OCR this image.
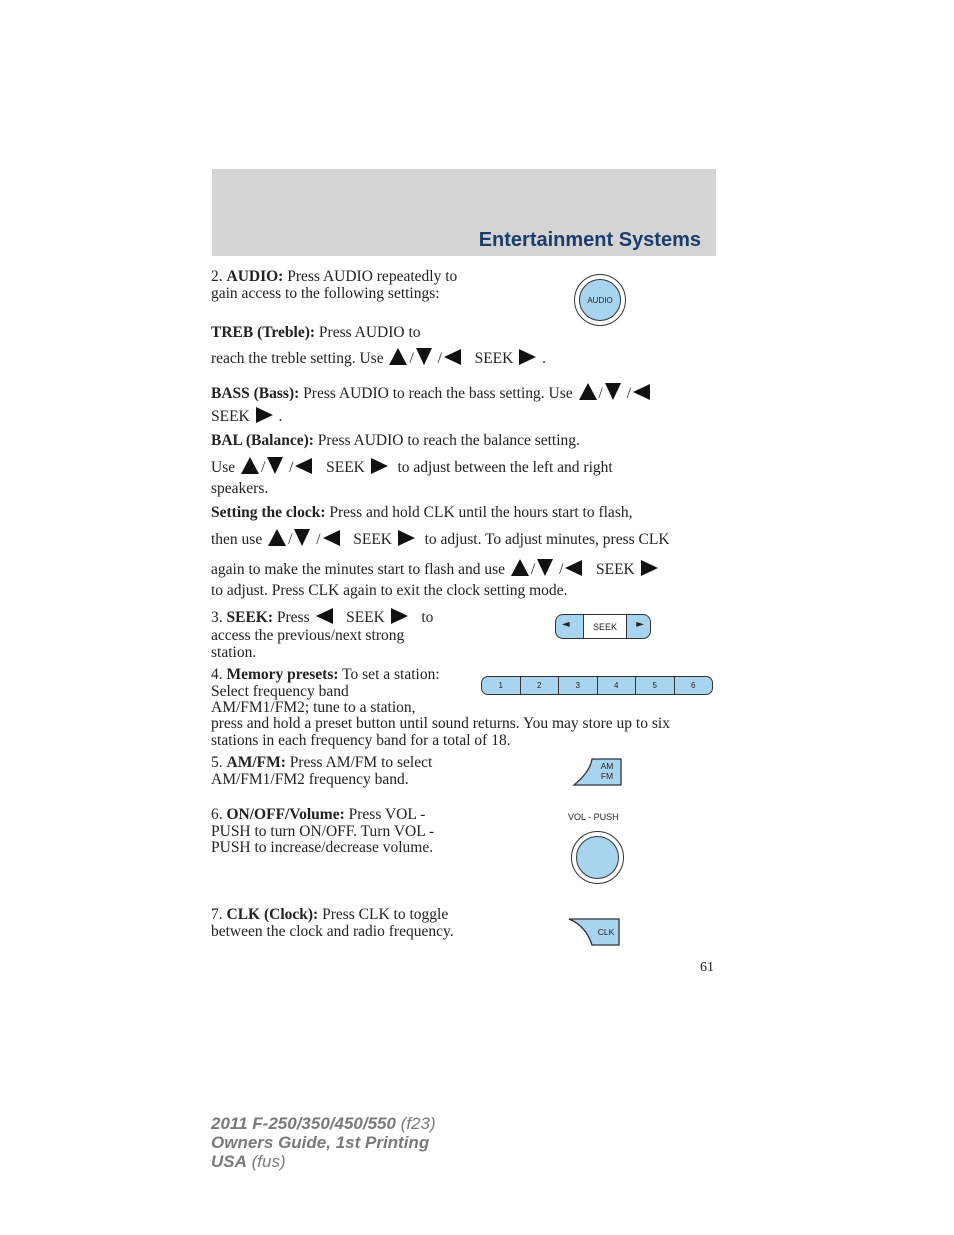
Entertainment Systems
2. AUDIO: Press AUDIO repeatedly to gain access to the following settings:
TREB (Treble): Press AUDIO to
reach the treble setting. Use / / SEEK .
BASS (Bass): Press AUDIO to reach the bass setting. Use / /
SEEK .
BAL (Balance): Press AUDIO to reach the balance setting.
Use / / SEEK to adjust between the left and right
speakers.
Setting the clock: Press and hold CLK until the hours start to flash,
then use / / SEEK to adjust. To adjust minutes, press CLK
again to make the minutes start to flash and use / / SEEK
to adjust. Press CLK again to exit the clock setting mode.
3. SEEK: Press SEEK to
access the previous/next strong station.
4. Memory presets: To set a station: Select frequency band AM/FM1/FM2; tune to a station,
press and hold a preset button until sound returns. You may store up to six stations in each frequency band for a total of 18.
5. AM/FM: Press AM/FM to select AM/FM1/FM2 frequency band.
6. ON/OFF/Volume: Press VOL - PUSH to turn ON/OFF. Turn VOL - PUSH to increase/decrease volume.
7. CLK (Clock): Press CLK to toggle between the clock and radio frequency.
AUDIO
◄	SEEK	►
1	2	3	4	5	6
AM
FM
VOL - PUSH
CLK
61
2011 F-250/350/450/550 (f23)
Owners Guide, 1st Printing
USA (fus)
